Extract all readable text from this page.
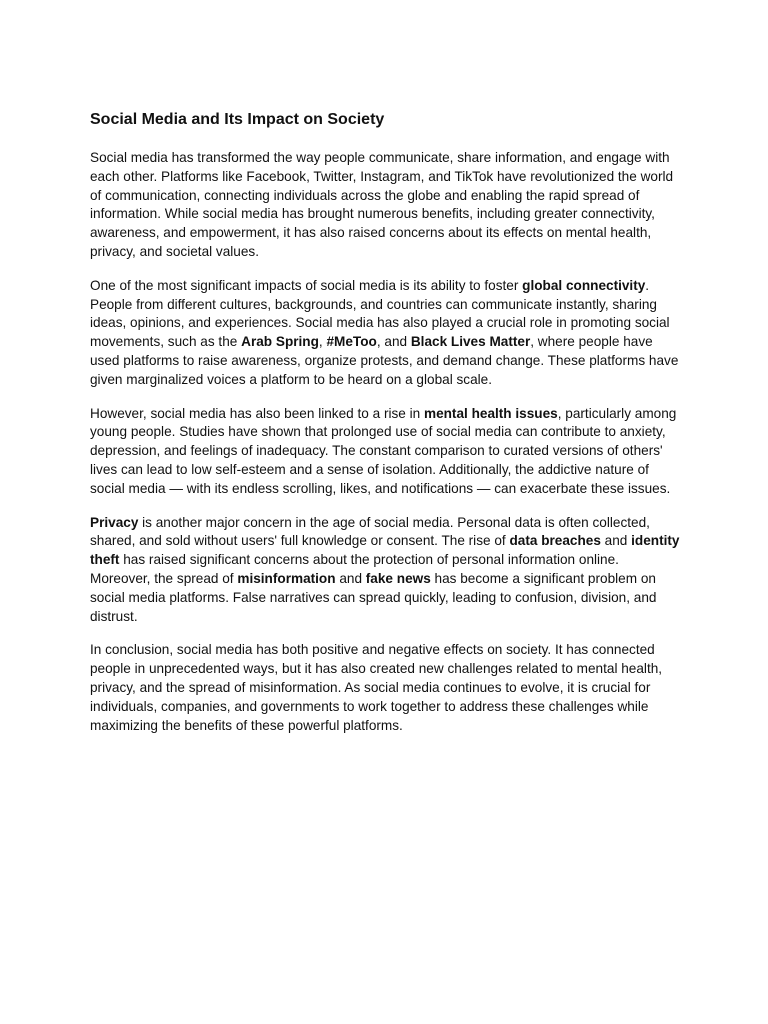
Social Media and Its Impact on Society

Social media has transformed the way people communicate, share information, and engage with each other. Platforms like Facebook, Twitter, Instagram, and TikTok have revolutionized the world of communication, connecting individuals across the globe and enabling the rapid spread of information. While social media has brought numerous benefits, including greater connectivity, awareness, and empowerment, it has also raised concerns about its effects on mental health, privacy, and societal values.

One of the most significant impacts of social media is its ability to foster global connectivity. People from different cultures, backgrounds, and countries can communicate instantly, sharing ideas, opinions, and experiences. Social media has also played a crucial role in promoting social movements, such as the Arab Spring, #MeToo, and Black Lives Matter, where people have used platforms to raise awareness, organize protests, and demand change. These platforms have given marginalized voices a platform to be heard on a global scale.

However, social media has also been linked to a rise in mental health issues, particularly among young people. Studies have shown that prolonged use of social media can contribute to anxiety, depression, and feelings of inadequacy. The constant comparison to curated versions of others' lives can lead to low self-esteem and a sense of isolation. Additionally, the addictive nature of social media — with its endless scrolling, likes, and notifications — can exacerbate these issues.

Privacy is another major concern in the age of social media. Personal data is often collected, shared, and sold without users' full knowledge or consent. The rise of data breaches and identity theft has raised significant concerns about the protection of personal information online. Moreover, the spread of misinformation and fake news has become a significant problem on social media platforms. False narratives can spread quickly, leading to confusion, division, and distrust.

In conclusion, social media has both positive and negative effects on society. It has connected people in unprecedented ways, but it has also created new challenges related to mental health, privacy, and the spread of misinformation. As social media continues to evolve, it is crucial for individuals, companies, and governments to work together to address these challenges while maximizing the benefits of these powerful platforms.
